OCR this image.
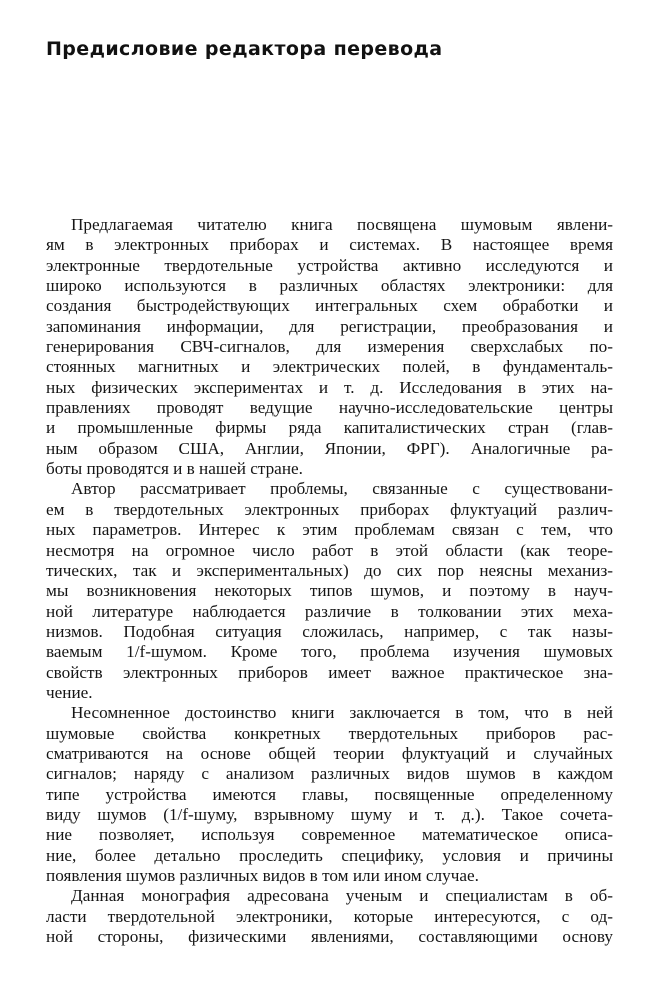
Предисловие редактора перевода
Предлагаемая читателю книга посвящена шумовым явлени-
ям в электронных приборах и системах. В настоящее время
электронные твердотельные устройства активно исследуются и
широко используются в различных областях электроники: для
создания быстродействующих интегральных схем обработки и
запоминания информации, для регистрации, преобразования и
генерирования СВЧ-сигналов, для измерения сверхслабых по-
стоянных магнитных и электрических полей, в фундаменталь-
ных физических экспериментах и т. д. Исследования в этих на-
правлениях проводят ведущие научно-исследовательские центры
и промышленные фирмы ряда капиталистических стран (глав-
ным образом США, Англии, Японии, ФРГ). Аналогичные ра-
боты проводятся и в нашей стране.
Автор рассматривает проблемы, связанные с существовани-
ем в твердотельных электронных приборах флуктуаций различ-
ных параметров. Интерес к этим проблемам связан с тем, что
несмотря на огромное число работ в этой области (как теоре-
тических, так и экспериментальных) до сих пор неясны механиз-
мы возникновения некоторых типов шумов, и поэтому в науч-
ной литературе наблюдается различие в толковании этих меха-
низмов. Подобная ситуация сложилась, например, с так назы-
ваемым 1/f-шумом. Кроме того, проблема изучения шумовых
свойств электронных приборов имеет важное практическое зна-
чение.
Несомненное достоинство книги заключается в том, что в ней
шумовые свойства конкретных твердотельных приборов рас-
сматриваются на основе общей теории флуктуаций и случайных
сигналов; наряду с анализом различных видов шумов в каждом
типе устройства имеются главы, посвященные определенному
виду шумов (1/f-шуму, взрывному шуму и т. д.). Такое сочета-
ние позволяет, используя современное математическое описа-
ние, более детально проследить специфику, условия и причины
появления шумов различных видов в том или ином случае.
Данная монография адресована ученым и специалистам в об-
ласти твердотельной электроники, которые интересуются, с од-
ной стороны, физическими явлениями, составляющими основу
